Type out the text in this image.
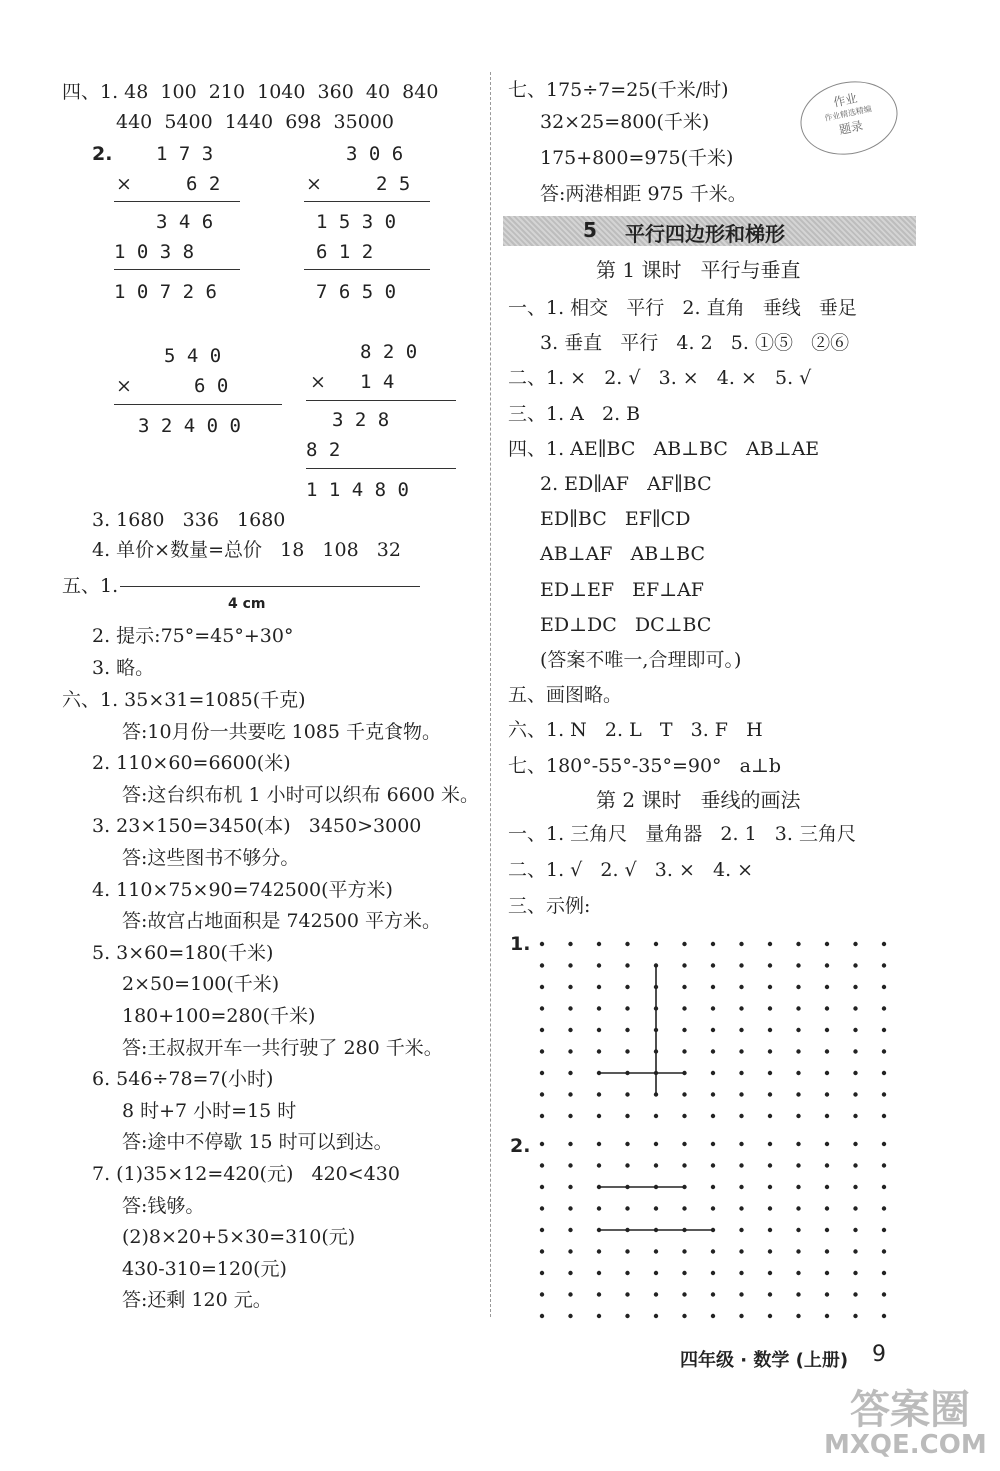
四、1. 48  100  210  1040  360  40  840
440  5400  1440  698  35000
2. 1 7 3
×	6 2
3 4 6
1 0 3 8
1 0 7 2 6
3 0 6
×	2 5
1 5 3 0
6 1 2
7 6 5 0
5 4 0
×	6 0
3 2 4 0 0
8 2 0
× 1 4
3 2 8
8 2
1 1 4 8 0
3. 1680   336   1680
4. 单价×数量=总价   18   108   32
五、1.
4 cm
2. 提示:75°=45°+30°
3. 略。
六、1. 35×31=1085(千克)
答:10月份一共要吃 1085 千克食物。
2. 110×60=6600(米)
答:这台织布机 1 小时可以织布 6600 米。
3. 23×150=3450(本)   3450>3000
答:这些图书不够分。
4. 110×75×90=742500(平方米)
答:故宫占地面积是 742500 平方米。
5. 3×60=180(千米)
2×50=100(千米)
180+100=280(千米)
答:王叔叔开车一共行驶了 280 千米。
6. 546÷78=7(小时)
8 时+7 小时=15 时
答:途中不停歇 15 时可以到达。
7. (1)35×12=420(元)   420<430
答:钱够。
(2)8×20+5×30=310(元)
430-310=120(元)
答:还剩 120 元。
七、175÷7=25(千米/时)
32×25=800(千米)
175+800=975(千米)
答:两港相距 975 千米。
作业
作业精选精编
题录
5 平行四边形和梯形
第 1 课时   平行与垂直
一、1. 相交   平行   2. 直角   垂线   垂足
3. 垂直   平行   4. 2   5. ①⑤   ②⑥
二、1. ×   2. √   3. ×   4. ×   5. √
三、1. A   2. B
四、1. AE∥BC   AB⊥BC   AB⊥AE
2. ED∥AF   AF∥BC
ED∥BC   EF∥CD
AB⊥AF   AB⊥BC
ED⊥EF   EF⊥AF
ED⊥DC   DC⊥BC
(答案不唯一,合理即可。)
五、画图略。
六、1. N   2. L   T   3. F   H
七、180°-55°-35°=90°   a⊥b
第 2 课时   垂线的画法
一、1. 三角尺   量角器   2. 1   3. 三角尺
二、1. √   2. √   3. ×   4. ×
三、示例:
1.
2.
四年级 · 数学 (上册) 9
答案圈
MXQE.COM
